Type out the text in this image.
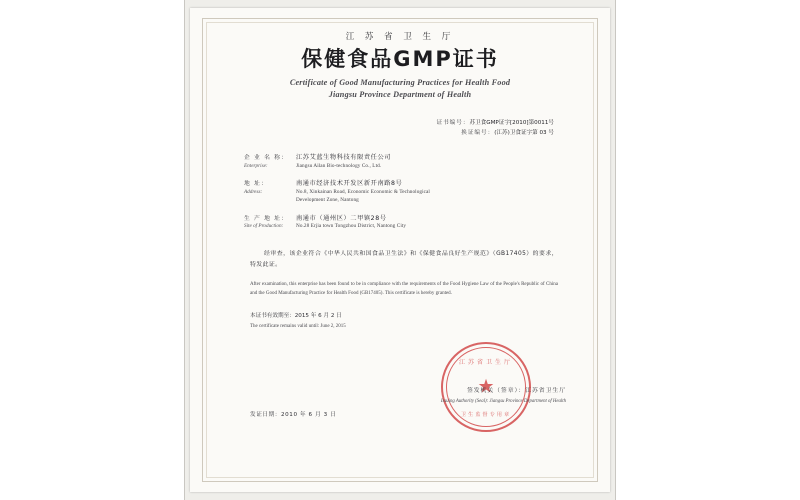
江 苏 省 卫 生 厅
保健食品GMP证书
Certificate of Good Manufacturing Practices for Health Food
Jiangsu Province Department of Health
证书编号：苏卫食GMP证字[2010]第0011号
换证编号：(江苏)卫食证字第 03 号
企 业 名 称：	江苏艾蓝生物科技有限责任公司
Enterprise:	Jiangsu Ailan Bio-technology Co., Ltd.
地 址：	南通市经济技术开发区新开南路8号
Address:	No.8, Xinkainan Road, Economic Economic & Technological
Development Zone, Nantong
生 产 地 址：	南通市（通州区）二甲镇28号
Site of Production:	No.28 Erjia town Tongzhou District, Nantong City
经审查，该企业符合《中华人民共和国食品卫生法》和《保健食品良好生产规范》（GB17405）的要求，特发此证。
After examination, this enterprise has been found to be in compliance with the requirements of the Food Hygiene Law of the People's Republic of China and the Good Manufacturing Practice for Health Food (GB17405). This certificate is hereby granted.
本证书有效期至：2015 年 6 月 2 日
The certificate remains valid until: June 2, 2015
江苏省卫生厅
★
卫生监督专用章
签发机关（签章）：江苏省卫生厅
Issuing Authority (Seal): Jiangsu Province Department of Health
发证日期：2010 年 6 月 3 日
